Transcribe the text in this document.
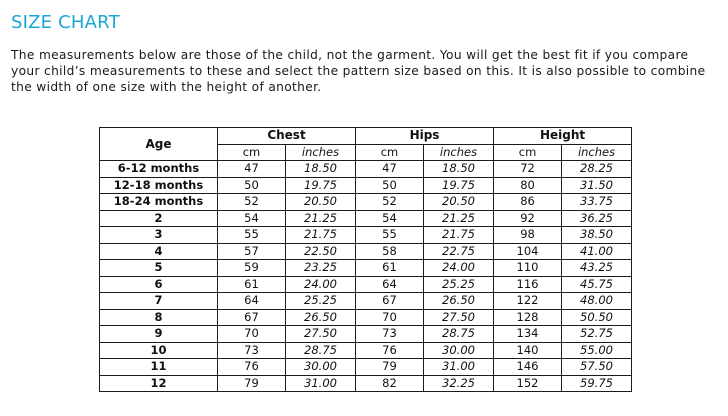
SIZE CHART

The measurements below are those of the child, not the garment. You will get the best fit if you compare your child’s measurements to these and select the pattern size based on this. It is also possible to combine the width of one size with the height of another.

Age	Chest		Hips		Height	
	cm	inches	cm	inches	cm	inches
6-12 months	47	18.50	47	18.50	72	28.25
12-18 months	50	19.75	50	19.75	80	31.50
18-24 months	52	20.50	52	20.50	86	33.75
2	54	21.25	54	21.25	92	36.25
3	55	21.75	55	21.75	98	38.50
4	57	22.50	58	22.75	104	41.00
5	59	23.25	61	24.00	110	43.25
6	61	24.00	64	25.25	116	45.75
7	64	25.25	67	26.50	122	48.00
8	67	26.50	70	27.50	128	50.50
9	70	27.50	73	28.75	134	52.75
10	73	28.75	76	30.00	140	55.00
11	76	30.00	79	31.00	146	57.50
12	79	31.00	82	32.25	152	59.75
